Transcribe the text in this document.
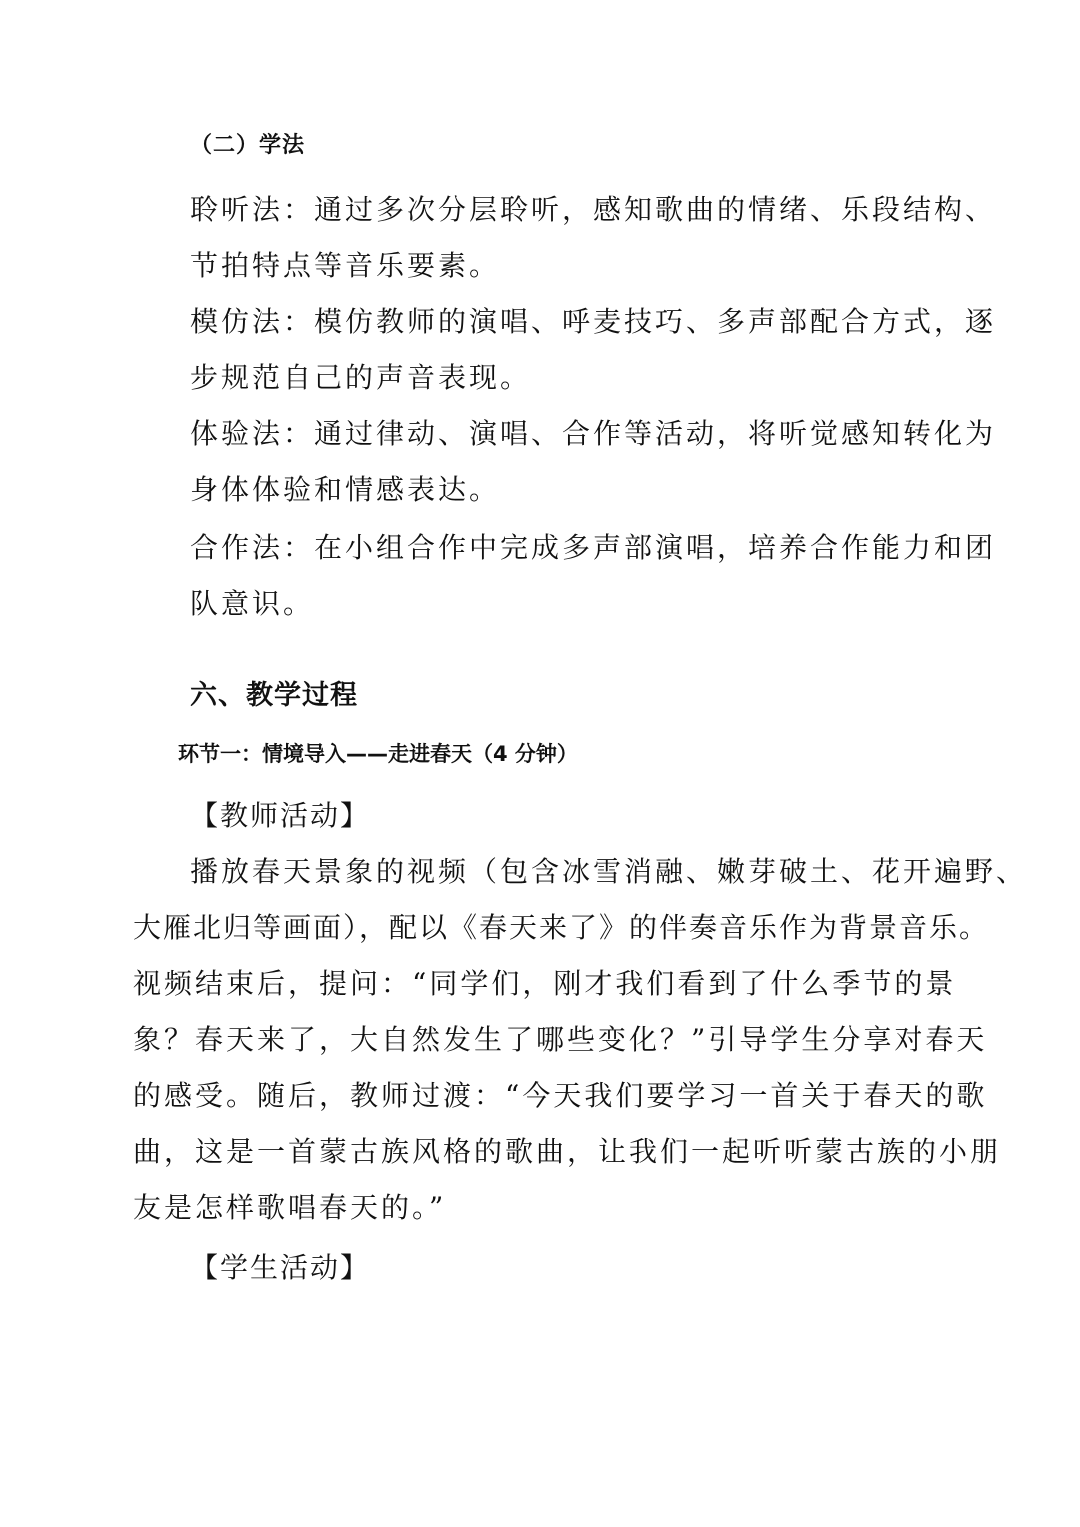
（二）学法
聆听法：通过多次分层聆听，感知歌曲的情绪、乐段结构、
节拍特点等音乐要素。
模仿法：模仿教师的演唱、呼麦技巧、多声部配合方式，逐
步规范自己的声音表现。
体验法：通过律动、演唱、合作等活动，将听觉感知转化为
身体体验和情感表达。
合作法：在小组合作中完成多声部演唱，培养合作能力和团
队意识。
六、教学过程
环节一：情境导入——走进春天（4 分钟）
【教师活动】
播放春天景象的视频（包含冰雪消融、嫩芽破土、花开遍野、
大雁北归等画面），配以《春天来了》的伴奏音乐作为背景音乐。
视频结束后，提问：“同学们，刚才我们看到了什么季节的景
象？春天来了，大自然发生了哪些变化？”引导学生分享对春天
的感受。随后，教师过渡：“今天我们要学习一首关于春天的歌
曲，这是一首蒙古族风格的歌曲，让我们一起听听蒙古族的小朋
友是怎样歌唱春天的。”
【学生活动】
